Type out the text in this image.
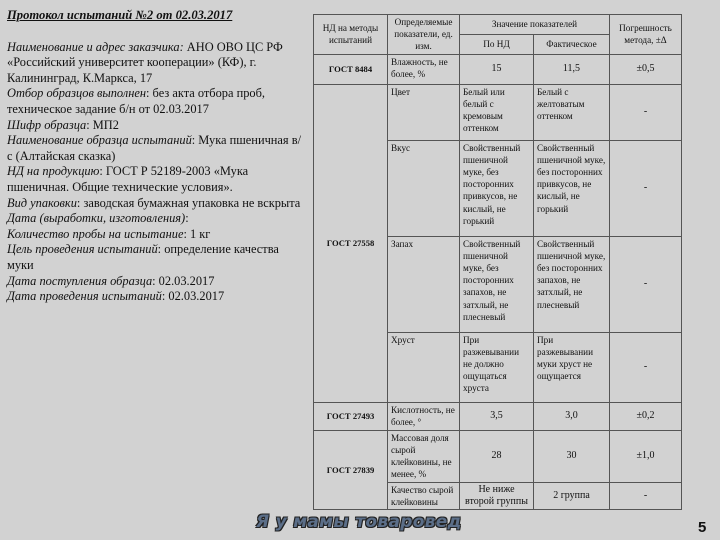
Протокол испытаний №2 от 02.03.2017
Наименование и адрес заказчика: АНО ОВО ЦС РФ «Российский университет кооперации» (КФ), г. Калининград, К.Маркса, 17
Отбор образцов выполнен: без акта отбора проб, техническое задание б/н от 02.03.2017
Шифр образца: МП2
Наименование образца испытаний: Мука пшеничная в/с (Алтайская сказка)
НД на продукцию: ГОСТ Р 52189-2003 «Мука пшеничная. Общие технические условия».
Вид упаковки: заводская бумажная упаковка не вскрыта
Дата (выработки, изготовления):
Количество пробы на испытание: 1 кг
Цель проведения испытаний: определение качества муки
Дата поступления образца: 02.03.2017
Дата проведения испытаний: 02.03.2017
НД на методы испытаний	Определяемые показатели, ед. изм.	Значение показателей		Погрешность метода, ±Δ
		По НД	Фактическое	
ГОСТ 8484	Влажность, не более, %	15	11,5	±0,5
ГОСТ 27558	Цвет	Белый или белый с кремовым оттенком	Белый с желтоватым оттенком	-
	Вкус	Свойственный пшеничной муке, без посторонних привкусов, не кислый, не горький	Свойственный пшеничной муке, без посторонних привкусов, не кислый, не горький	-
	Запах	Свойственный пшеничной муке, без посторонних запахов, не затхлый, не плесневый	Свойственный пшеничной муке, без посторонних запахов, не затхлый, не плесневый	-
	Хруст	При разжевывании не должно ощущаться хруста	При разжевывании муки хруст не ощущается	-
ГОСТ 27493	Кислотность, не более, °	3,5	3,0	±0,2
ГОСТ 27839	Массовая доля сырой клейковины, не менее, %	28	30	±1,0
	Качество сырой клейковины	Не ниже второй группы	2 группа	-
Я у мамы товаровед	5
